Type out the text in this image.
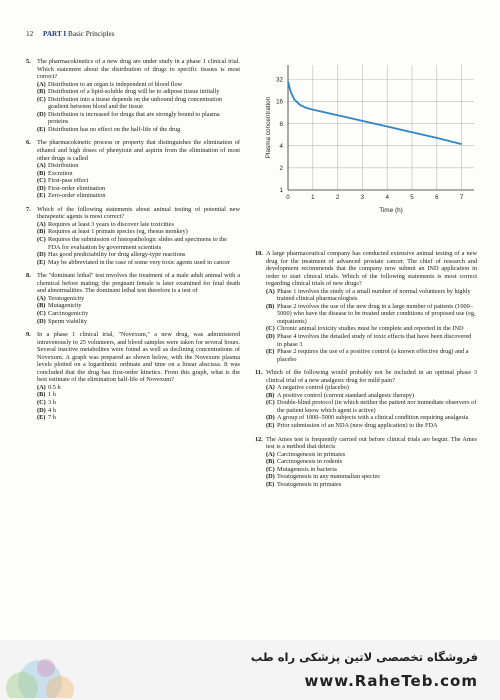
12 PART I Basic Principles
5. The pharmacokinetics of a new drug are under study in a phase 1 clinical trial. Which statement about the distribution of drugs to specific tissues is most correct?
(A) Distribution to an organ is independent of blood flow
(B) Distribution of a lipid-soluble drug will be to adipose tissue initially
(C) Distribution into a tissue depends on the unbound drug concentration gradient between blood and the tissue
(D) Distribution is increased for drugs that are strongly bound to plasma proteins
(E) Distribution has no effect on the half-life of the drug
6. The pharmacokinetic process or property that distinguishes the elimination of ethanol and high doses of phenytoin and aspirin from the elimination of most other drugs is called
(A) Distribution
(B) Excretion
(C) First-pass effect
(D) First-order elimination
(E) Zero-order elimination
7. Which of the following statements about animal testing of potential new therapeutic agents is most correct?
(A) Requires at least 3 years to discover late toxicities
(B) Requires at least 1 primate species (eg, rhesus monkey)
(C) Requires the submission of histopathologic slides and specimens to the FDA for evaluation by government scientists
(D) Has good predictability for drug allergy-type reactions
(E) May be abbreviated in the case of some very toxic agents used in cancer
8. The "dominant lethal" test involves the treatment of a male adult animal with a chemical before mating; the pregnant female is later examined for fetal death and abnormalities. The dominant lethal test therefore is a test of
(A) Teratogenicity
(B) Mutagenicity
(C) Carcinogenicity
(D) Sperm viability
9. In a phase 1 clinical trial, "Novexum," a new drug, was administered intravenously to 25 volunteers, and blood samples were taken for several hours. Several inactive metabolites were found as well as declining concentrations of Novexum. A graph was prepared as shown below, with the Novexum plasma levels plotted on a logarithmic ordinate and time on a linear abscissa. It was concluded that the drug has first-order kinetics. From this graph, what is the best estimate of the elimination half-life of Novexum?
(A) 0.5 h
(B) 1 h
(C) 3 h
(D) 4 h
(E) 7 h
10. A large pharmaceutical company has conducted extensive animal testing of a new drug for the treatment of advanced prostate cancer. The chief of research and development recommends that the company now submit an IND application in order to start clinical trials. Which of the following statements is most correct regarding clinical trials of new drugs?
(A) Phase 1 involves the study of a small number of normal volunteers by highly trained clinical pharmacologists
(B) Phase 2 involves the use of the new drug in a large number of patients (1000–5000) who have the disease to be treated under conditions of proposed use (eg, outpatients)
(C) Chronic animal toxicity studies must be complete and reported in the IND
(D) Phase 4 involves the detailed study of toxic effects that have been discovered in phase 3
(E) Phase 2 requires the use of a positive control (a known effective drug) and a placebo
11. Which of the following would probably not be included in an optimal phase 3 clinical trial of a new analgesic drug for mild pain?
(A) A negative control (placebo)
(B) A positive control (current standard analgesic therapy)
(C) Double-blind protocol (in which neither the patient nor immediate observers of the patient know which agent is active)
(D) A group of 1000–5000 subjects with a clinical condition requiring analgesia
(E) Prior submission of an NDA (new drug application) to the FDA
12. The Ames test is frequently carried out before clinical trials are begun. The Ames test is a method that detects
(A) Carcinogenesis in primates
(B) Carcinogenesis in rodents
(C) Mutagenesis in bacteria
(D) Teratogenesis in any mammalian species
(E) Teratogenesis in primates
1
2
4
8
16
32
0	1	2	3	4	5	6	7
Time (h)
Plasma concentration
فروشگاه تخصصی لاتین پزشکی راه طب
www.RaheTeb.com
